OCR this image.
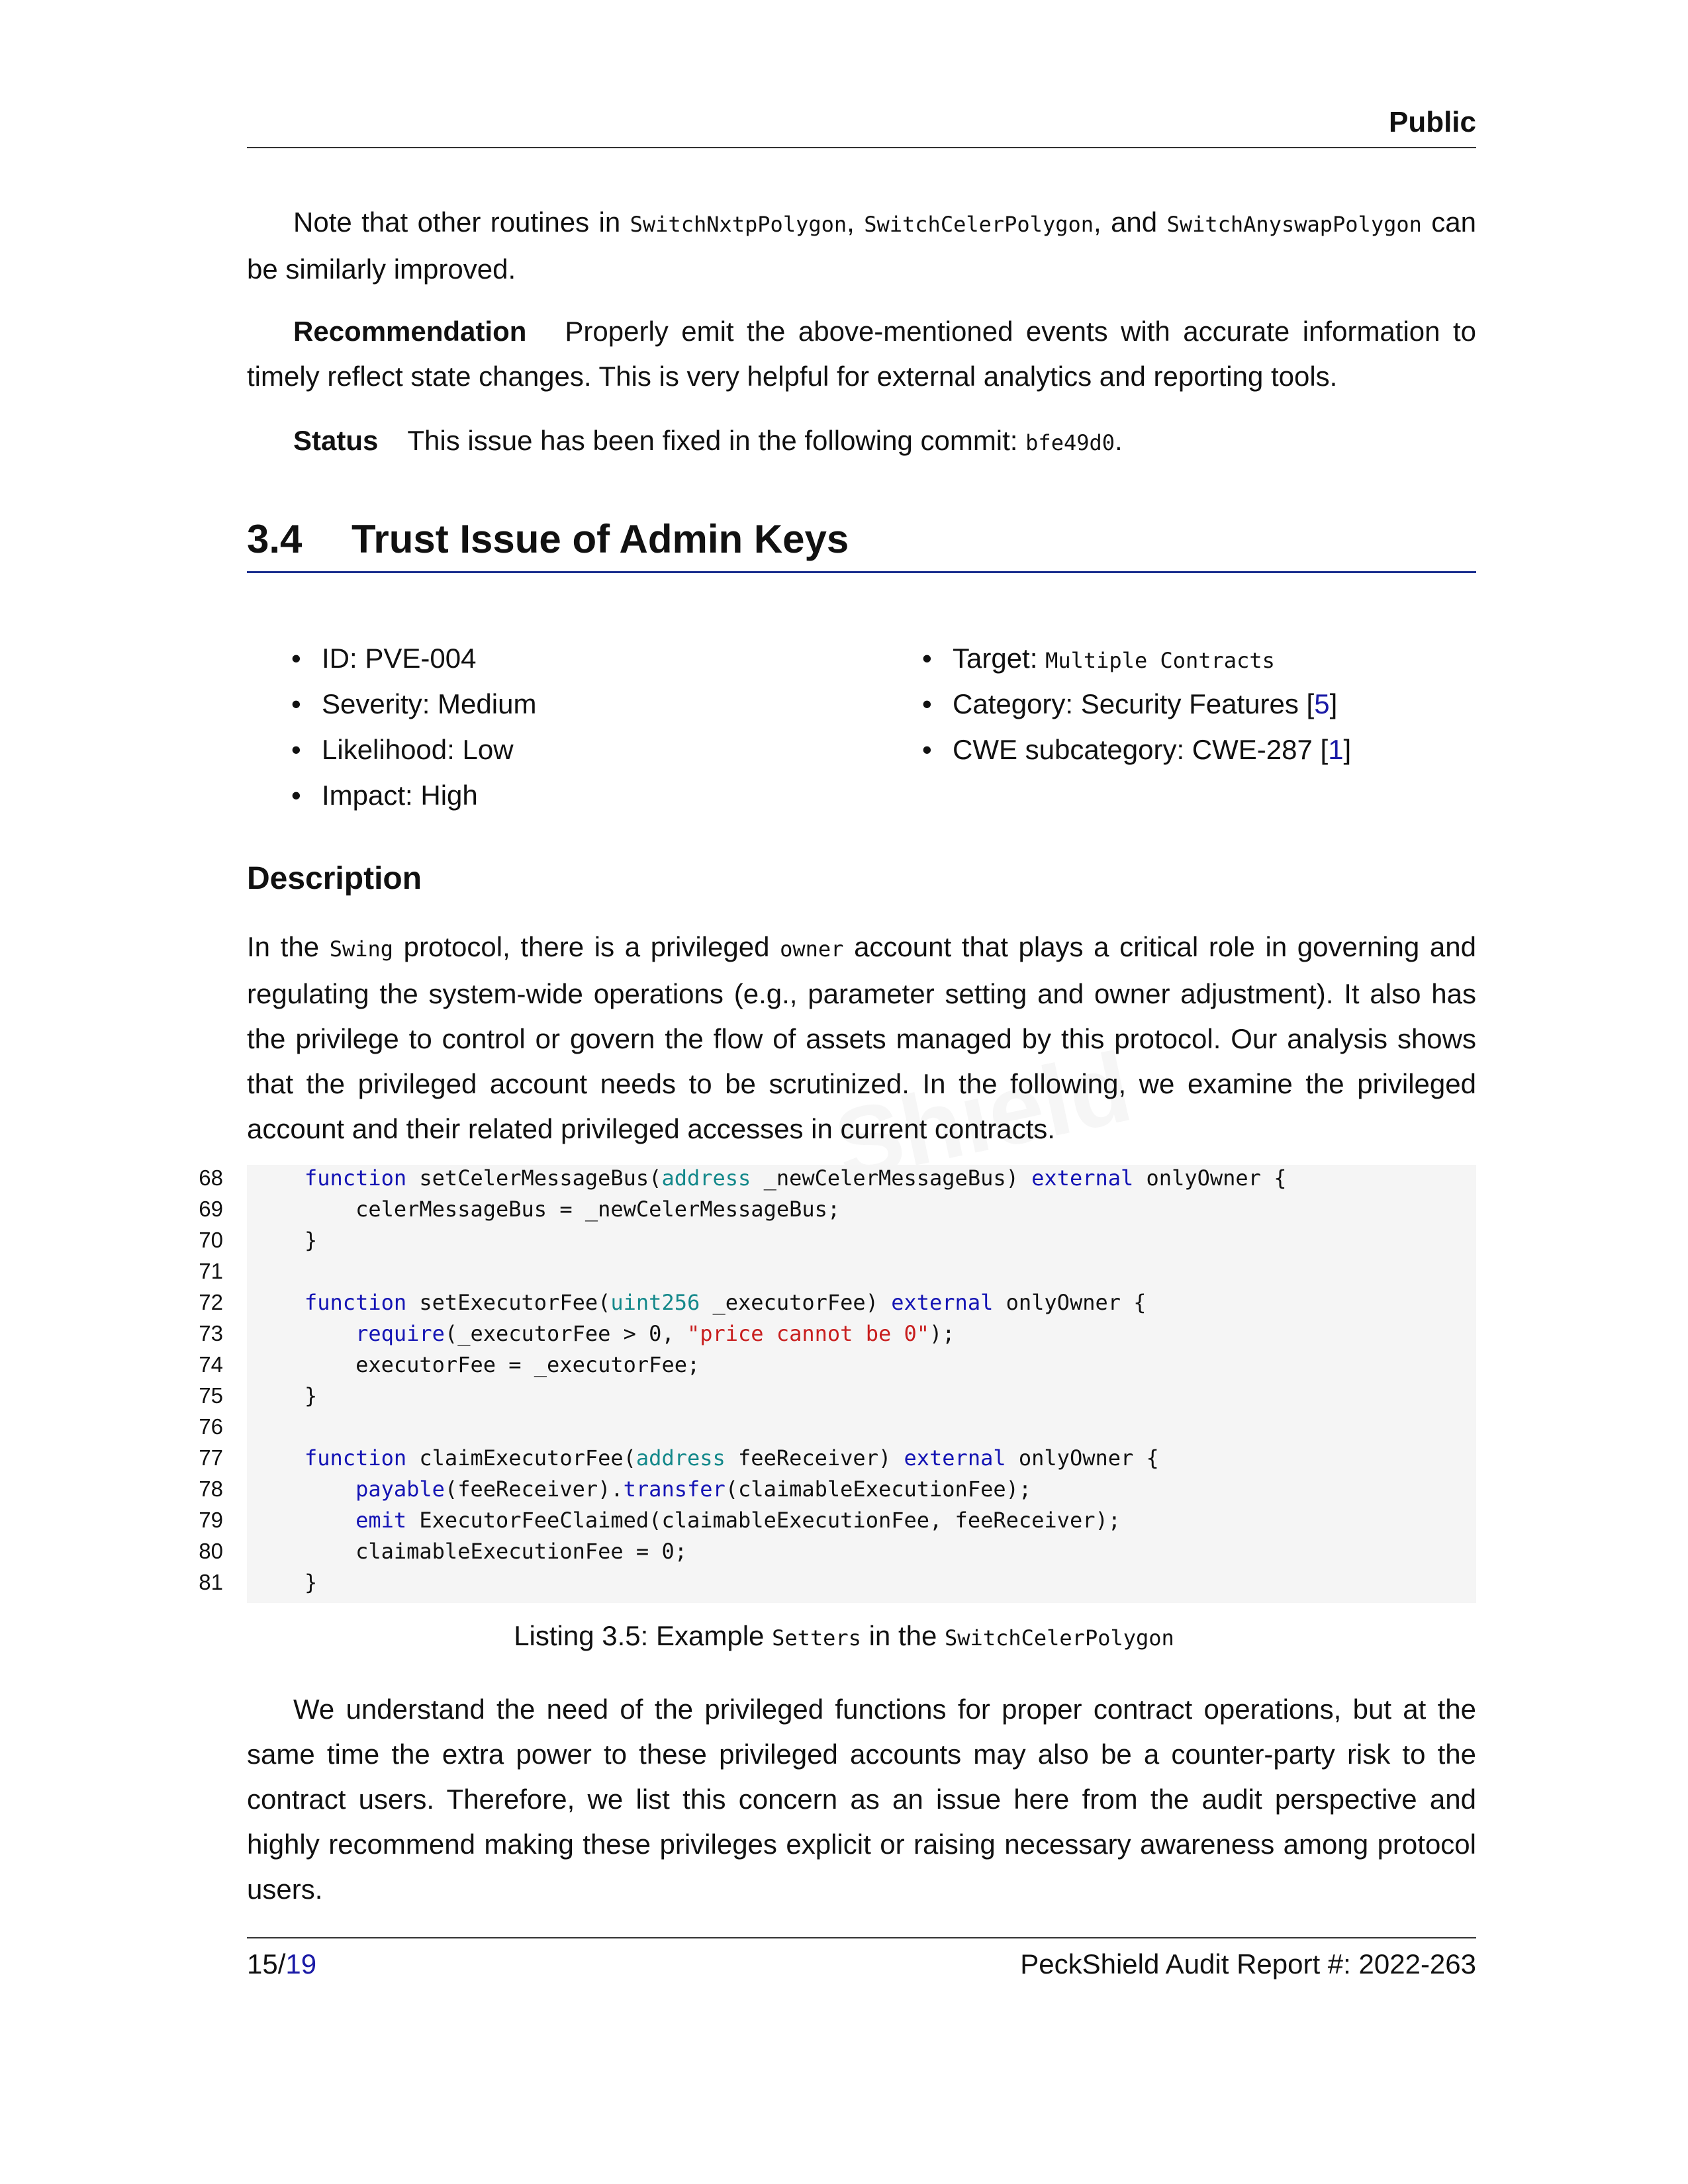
Public
Note that other routines in SwitchNxtpPolygon, SwitchCelerPolygon, and SwitchAnyswapPolygon can
be similarly improved.
Recommendation Properly emit the above-mentioned events with accurate information to timely reflect state changes. This is very helpful for external analytics and reporting tools.
Status This issue has been fixed in the following commit: bfe49d0.
3.4 Trust Issue of Admin Keys
• ID: PVE-004
• Severity: Medium
• Likelihood: Low
• Impact: High
• Target: Multiple Contracts
• Category: Security Features [5]
• CWE subcategory: CWE-287 [1]
Description
In the Swing protocol, there is a privileged owner account that plays a critical role in governing and regulating the system-wide operations (e.g., parameter setting and owner adjustment). It also has the privilege to control or govern the flow of assets managed by this protocol. Our analysis shows that the privileged account needs to be scrutinized. In the following, we examine the privileged account and their related privileged accesses in current contracts.
68	function setCelerMessageBus(address _newCelerMessageBus) external onlyOwner {
69	celerMessageBus = _newCelerMessageBus;
70	}
71
72	function setExecutorFee(uint256 _executorFee) external onlyOwner {
73	require(_executorFee > 0, "price cannot be 0");
74	executorFee = _executorFee;
75	}
76
77	function claimExecutorFee(address feeReceiver) external onlyOwner {
78	payable(feeReceiver).transfer(claimableExecutionFee);
79	emit ExecutorFeeClaimed(claimableExecutionFee, feeReceiver);
80	claimableExecutionFee = 0;
81	}
Listing 3.5: Example Setters in the SwitchCelerPolygon
We understand the need of the privileged functions for proper contract operations, but at the same time the extra power to these privileged accounts may also be a counter-party risk to the contract users. Therefore, we list this concern as an issue here from the audit perspective and highly recommend making these privileges explicit or raising necessary awareness among protocol users.
15/19	PeckShield Audit Report #: 2022-263
